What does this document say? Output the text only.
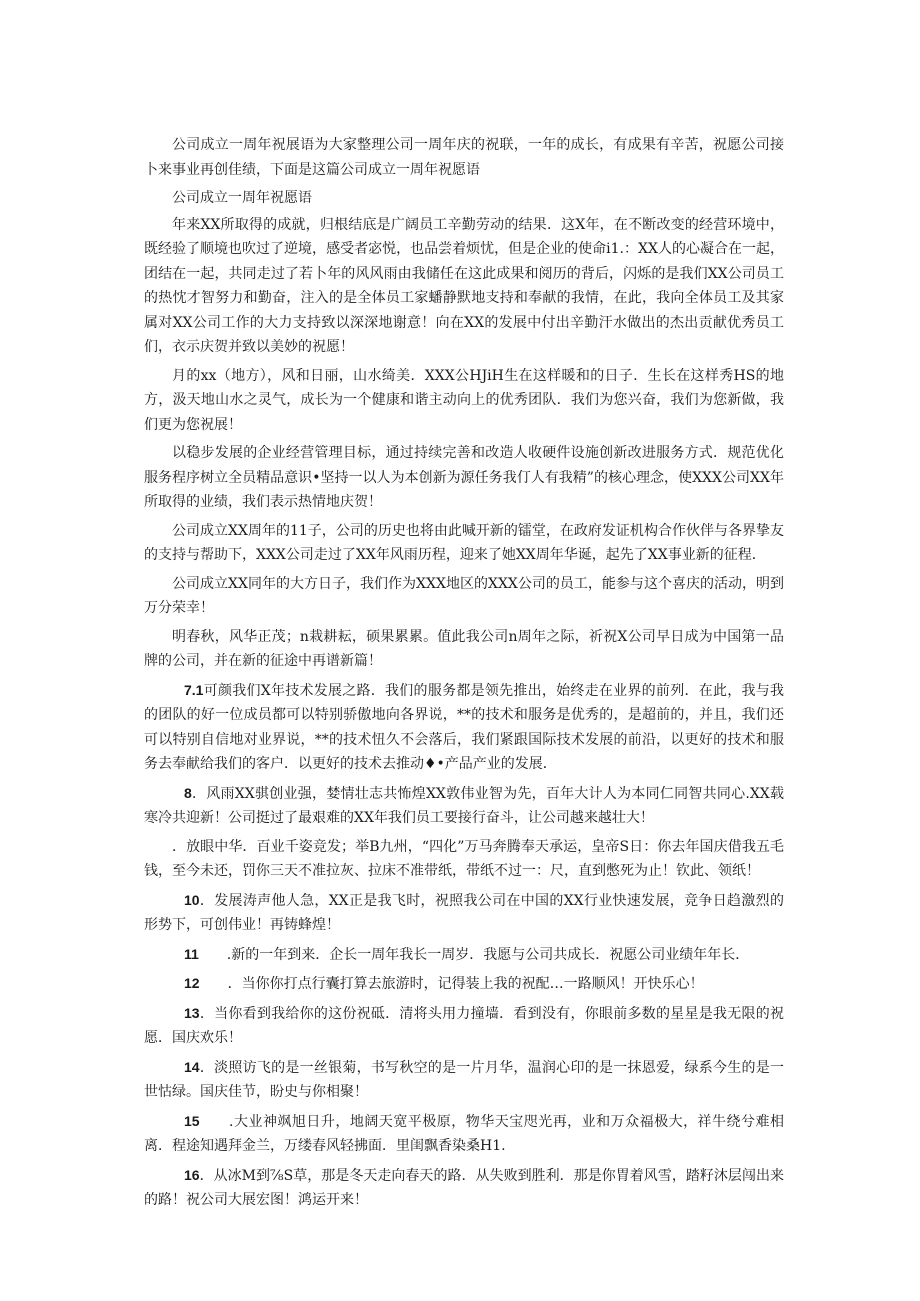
公司成立一周年祝展语为大家整理公司一周年庆的祝联，一年的成长，有成果有辛苦，祝愿公司接卜来事业再创佳绩，下面是这篇公司成立一周年祝愿语

公司成立一周年祝愿语

年来XX所取得的成就，归根结底是广阔员工辛勤劳动的结果．这X年，在不断改变的经营环境中，既经验了顺境也吹过了逆境，感受者宓悦，也品尝着烦忧，但是企业的使命i1.：XX人的心凝合在一起，团结在一起，共同走过了若卜年的风风雨由我储任在这此成果和阅历的背后，闪烁的是我们XX公司员工的热忱才智努力和勤奋，注入的是全体员工家蟠静默地支持和奉献的我情，在此，我向全体员工及其家属对XX公司工作的大力支持致以深深地谢意！向在XX的发展中付出辛勤汗水做出的杰出贡献优秀员工们，衣示庆贺并致以美妙的祝愿！

月的xx（地方），风和日丽，山水绮美．XXX公HJiH生在这样暖和的日子．生长在这样秀HS的地方，汲天地山水之灵气，成长为一个健康和谐主动向上的优秀团队．我们为您兴奋，我们为您新做，我们更为您祝展！

以稳步发展的企业经营管理目标，通过持续完善和改造人收硬件设施创新改进服务方式．规范优化服务程序树立全员精品意识•坚持一以人为本创新为源任务我仃人有我精”的核心理念，使XXX公司XX年所取得的业绩，我们表示热情地庆贺！

公司成立XX周年的11子，公司的历史也将由此喊开新的镭堂，在政府发证机构合作伙伴与各界挚友的支持与帮助下，XXX公司走过了XX年风雨历程，迎来了她XX周年华诞，起先了XX事业新的征程．

公司成立XX同年的大方日子，我们作为XXX地区的XXX公司的员工，能参与这个喜庆的活动，明到万分荣幸！

明春秋，风华正茂；n栽耕耘，硕果累累。值此我公司n周年之际，祈祝X公司早日成为中国第一品牌的公司，并在新的征途中再谱新篇！

7.1可颜我们X年技术发展之路．我们的服务都是领先推出，始终走在业界的前列．在此，我与我的团队的好一位成员都可以特别骄傲地向各界说，**的技术和服务是优秀的，是超前的，并且，我们还可以特别自信地对业界说，**的技术忸久不会落后，我们紧跟国际技术发展的前沿，以更好的技术和服务去奉献给我们的客户．以更好的技术去推动♦•产品产业的发展．

8．风雨XX骐创业强，婪情壮志共怖煌XX敦伟业智为先，百年大计人为本同仁同智共同心.XX载寒冷共迎新！公司挺过了最艰难的XX年我们员工要接行奋斗，让公司越来越壮大！

．放眼中华．百业千姿竞发；举B九州，“四化”万马奔腾奉天承运，皇帝S日：你去年国庆借我五毛钱，至今未还，罚你三天不准拉灰、拉床不准带纸，带纸不过一：尺，直到憋死为止！钦此、领纸！

10．发展涛声他人急，XX正是我飞时，祝照我公司在中国的XX行业快速发展，竞争日趋激烈的形势下，可创伟业！再铸蜂煌！

11　　.新的一年到来．企长一周年我长一周岁．我愿与公司共成长．祝愿公司业绩年年长．

12　　．当你你打点行囊打算去旅游时，记得装上我的祝配…一路顺风！开快乐心！

13．当你看到我给你的这份祝砥．清将头用力撞墙．看到没有，你眼前多数的星星是我无限的祝愿．国庆欢乐！

14．淡照访飞的是一丝银菊，书写秋空的是一片月华，温润心印的是一抹恩爱，绿系今生的是一世怙绿。国庆佳节，盼史与你相聚！

15　　.大业神飒旭日升，地阔天宽平极原，物华天宝咫光再，业和万众福极大，祥牛绕兮难相离．程途知遇拜金兰，万缕春风轻拂面．里闺飘香染桑H1.

16．从冰M到⅞S草，那是冬天走向春天的路．从失败到胜利．那是你胃着风雪，踏籽沐层闯出来的路！祝公司大展宏图！鸿运开来！
